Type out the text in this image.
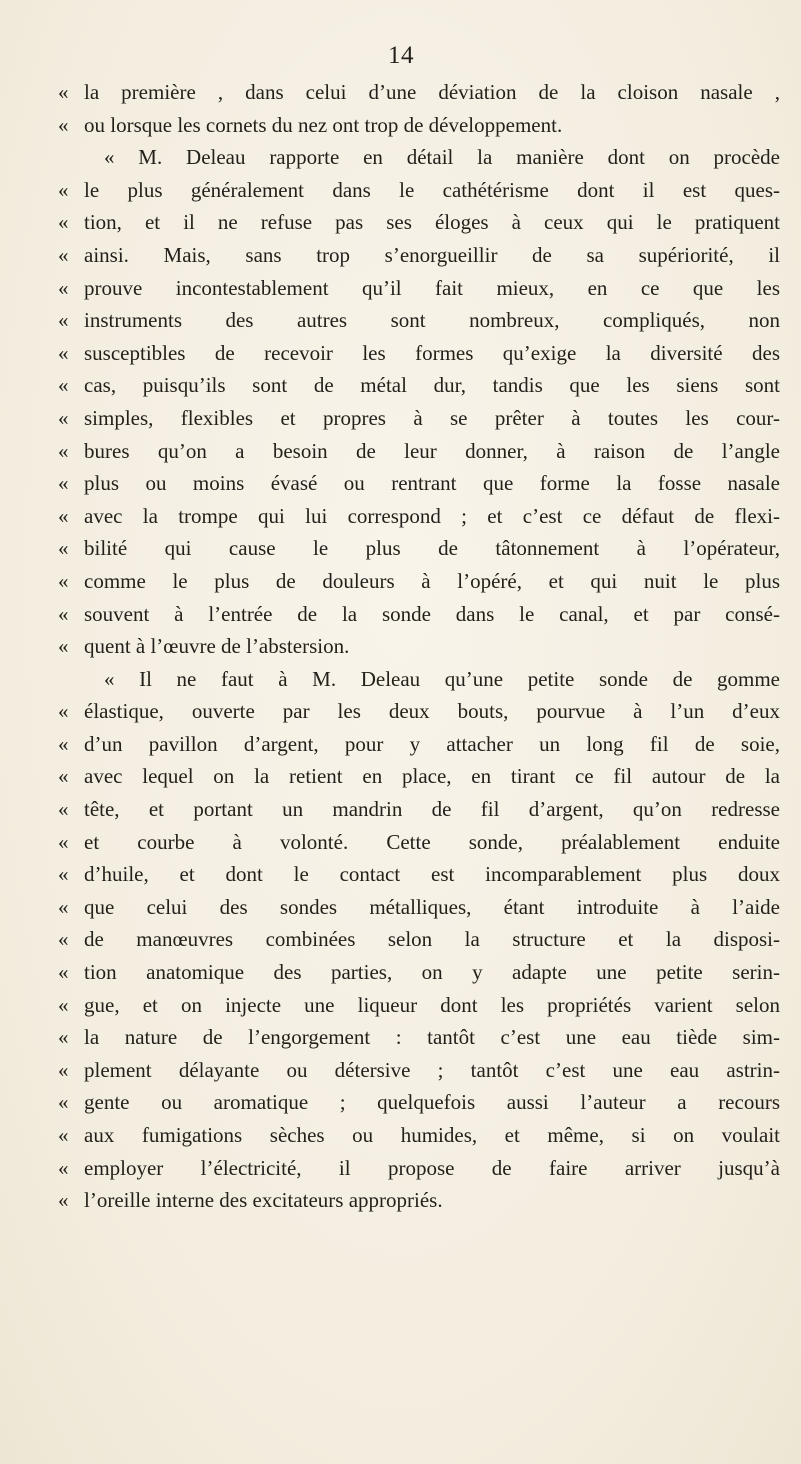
14
« la première , dans celui d’une déviation de la cloison nasale ,
« ou lorsque les cornets du nez ont trop de développement.
« M. Deleau rapporte en détail la manière dont on procède
« le plus généralement dans le cathétérisme dont il est ques-
« tion, et il ne refuse pas ses éloges à ceux qui le pratiquent
« ainsi. Mais, sans trop s’enorgueillir de sa supériorité, il
« prouve incontestablement qu’il fait mieux, en ce que les
« instruments des autres sont nombreux, compliqués, non
« susceptibles de recevoir les formes qu’exige la diversité des
« cas, puisqu’ils sont de métal dur, tandis que les siens sont
« simples, flexibles et propres à se prêter à toutes les cour-
« bures qu’on a besoin de leur donner, à raison de l’angle
« plus ou moins évasé ou rentrant que forme la fosse nasale
« avec la trompe qui lui correspond ; et c’est ce défaut de flexi-
« bilité qui cause le plus de tâtonnement à l’opérateur,
« comme le plus de douleurs à l’opéré, et qui nuit le plus
« souvent à l’entrée de la sonde dans le canal, et par consé-
« quent à l’œuvre de l’abstersion.
« Il ne faut à M. Deleau qu’une petite sonde de gomme
« élastique, ouverte par les deux bouts, pourvue à l’un d’eux
« d’un pavillon d’argent, pour y attacher un long fil de soie,
« avec lequel on la retient en place, en tirant ce fil autour de la
« tête, et portant un mandrin de fil d’argent, qu’on redresse
« et courbe à volonté. Cette sonde, préalablement enduite
« d’huile, et dont le contact est incomparablement plus doux
« que celui des sondes métalliques, étant introduite à l’aide
« de manœuvres combinées selon la structure et la disposi-
« tion anatomique des parties, on y adapte une petite serin-
« gue, et on injecte une liqueur dont les propriétés varient selon
« la nature de l’engorgement : tantôt c’est une eau tiède sim-
« plement délayante ou détersive ; tantôt c’est une eau astrin-
« gente ou aromatique ; quelquefois aussi l’auteur a recours
« aux fumigations sèches ou humides, et même, si on voulait
« employer l’électricité, il propose de faire arriver jusqu’à
« l’oreille interne des excitateurs appropriés.
